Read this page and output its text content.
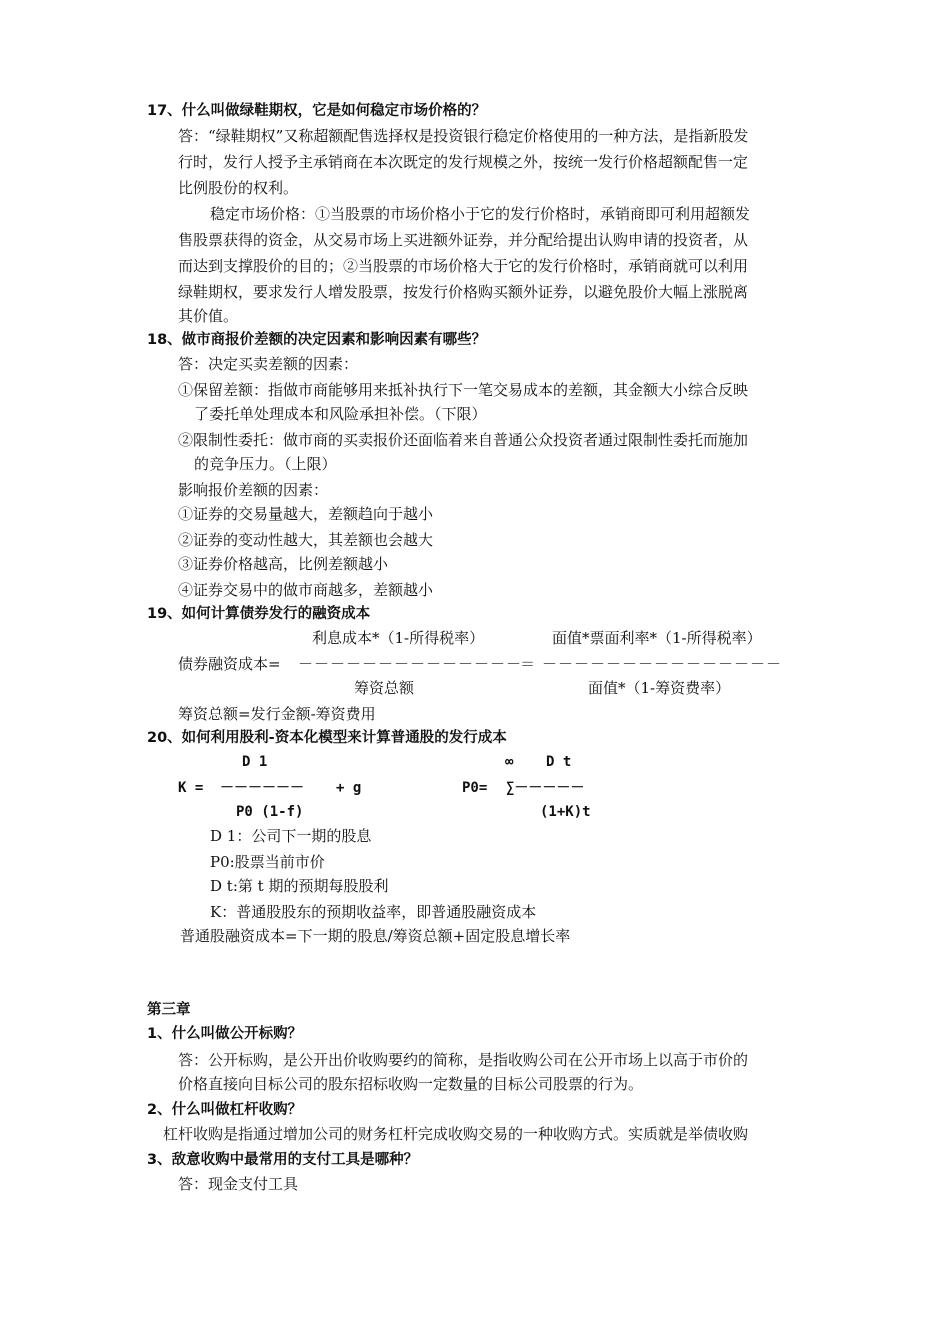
17、什么叫做绿鞋期权，它是如何稳定市场价格的？
答：“绿鞋期权”又称超额配售选择权是投资银行稳定价格使用的一种方法，是指新股发
行时，发行人授予主承销商在本次既定的发行规模之外，按统一发行价格超额配售一定
比例股份的权利。
稳定市场价格：①当股票的市场价格小于它的发行价格时，承销商即可利用超额发
售股票获得的资金，从交易市场上买进额外证券，并分配给提出认购申请的投资者，从
而达到支撑股价的目的；②当股票的市场价格大于它的发行价格时，承销商就可以利用
绿鞋期权，要求发行人增发股票，按发行价格购买额外证券，以避免股价大幅上涨脱离
其价值。
18、做市商报价差额的决定因素和影响因素有哪些？
答：决定买卖差额的因素：
①保留差额：指做市商能够用来抵补执行下一笔交易成本的差额，其金额大小综合反映
了委托单处理成本和风险承担补偿。（下限）
②限制性委托：做市商的买卖报价还面临着来自普通公众投资者通过限制性委托而施加
的竞争压力。（上限）
影响报价差额的因素：
①证券的交易量越大，差额趋向于越小
②证券的变动性越大，其差额也会越大
③证券价格越高，比例差额越小
④证券交易中的做市商越多，差额越小
19、如何计算债券发行的融资成本
利息成本*（1-所得税率）	面值*票面利率*（1-所得税率）
债券融资成本= －－－－－－－－－－－－－－
＝ －－－－－－－－－－－－－－－
筹资总额	面值*（1-筹资费率）
筹资总额=发行金额-筹资费用
20、如何利用股利-资本化模型来计算普通股的发行成本
D 1
K = －－－－－－ + g
P0 (1-f)
∞ D t
P0= ∑－－－－－
(1+K)t
D 1：公司下一期的股息
P0:股票当前市价
D t:第 t 期的预期每股股利
K：普通股股东的预期收益率，即普通股融资成本
普通股融资成本=下一期的股息/筹资总额+固定股息增长率
第三章
1、什么叫做公开标购？
答：公开标购，是公开出价收购要约的简称，是指收购公司在公开市场上以高于市价的
价格直接向目标公司的股东招标收购一定数量的目标公司股票的行为。
2、什么叫做杠杆收购？
杠杆收购是指通过增加公司的财务杠杆完成收购交易的一种收购方式。实质就是举债收购
3、敌意收购中最常用的支付工具是哪种？
答：现金支付工具
